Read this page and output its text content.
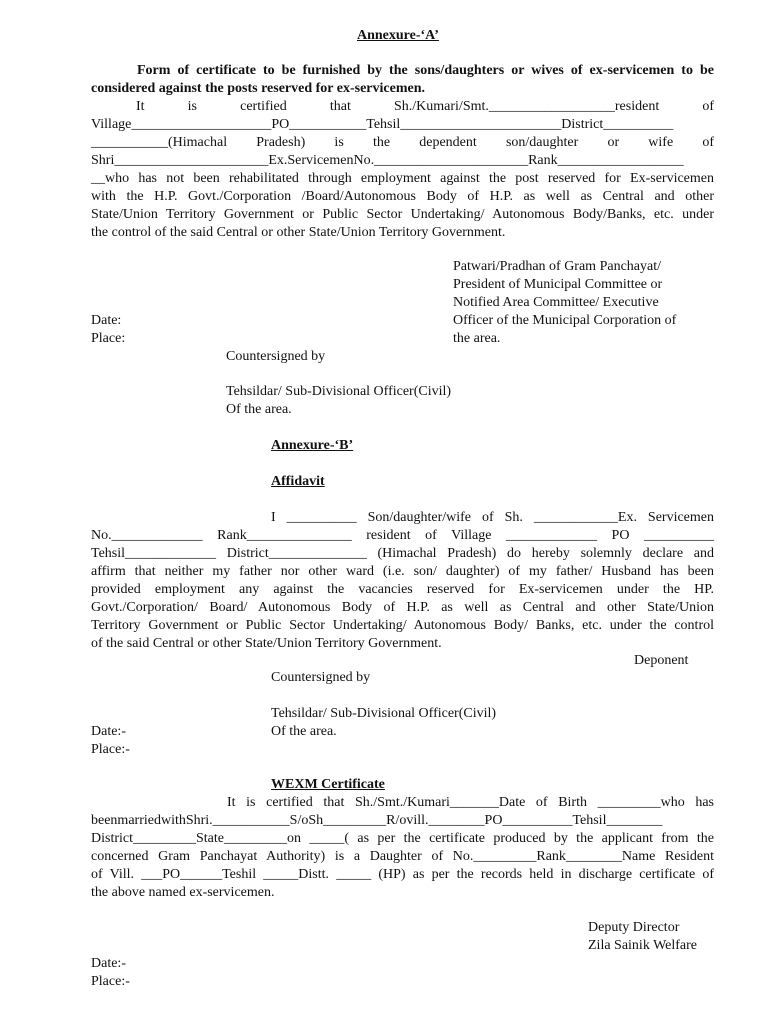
Annexure-‘A’
Form of certificate to be furnished by the sons/daughters or wives of ex-servicemen to be
considered against the posts reserved for ex-servicemen.
It is certified that Sh./Kumari/Smt.__________________resident of
Village____________________PO___________Tehsil_______________________District__________
___________(Himachal Pradesh) is the dependent son/daughter or wife of
Shri______________________Ex.ServicemenNo.______________________Rank__________________
__who has not been rehabilitated through employment against the post reserved for Ex-servicemen
with the H.P. Govt./Corporation /Board/Autonomous Body of H.P. as well as Central and other
State/Union Territory Government or Public Sector Undertaking/ Autonomous Body/Banks, etc. under
the control of the said Central or other State/Union Territory Government.
Patwari/Pradhan of Gram Panchayat/
President of Municipal Committee or
Notified Area Committee/ Executive
Officer of the Municipal Corporation of
the area.
Date:
Place:
Countersigned by
Tehsildar/ Sub-Divisional Officer(Civil)
Of the area.
Annexure-‘B’
Affidavit
I __________ Son/daughter/wife of Sh. ____________Ex. Servicemen
No._____________ Rank_______________ resident of Village _____________ PO __________
Tehsil_____________ District______________ (Himachal Pradesh) do hereby solemnly declare and
affirm that neither my father nor other ward (i.e. son/ daughter) of my father/ Husband has been
provided employment any against the vacancies reserved for Ex-servicemen under the HP.
Govt./Corporation/ Board/ Autonomous Body of H.P. as well as Central and other State/Union
Territory Government or Public Sector Undertaking/ Autonomous Body/ Banks, etc. under the control
of the said Central or other State/Union Territory Government.
Deponent
Countersigned by
Tehsildar/ Sub-Divisional Officer(Civil)
Of the area.
Date:-
Place:-
WEXM Certificate
It is certified that Sh./Smt./Kumari_______Date of Birth _________who has
beenmarriedwithShri.___________S/oSh_________R/ovill.________PO__________Tehsil________
District_________State_________on _____( as per the certificate produced by the applicant from the
concerned Gram Panchayat Authority) is a Daughter of No._________Rank________Name Resident
of Vill. ___PO______Teshil _____Distt. _____ (HP) as per the records held in discharge certificate of
the above named ex-servicemen.
Deputy Director
Zila Sainik Welfare
Date:-
Place:-
